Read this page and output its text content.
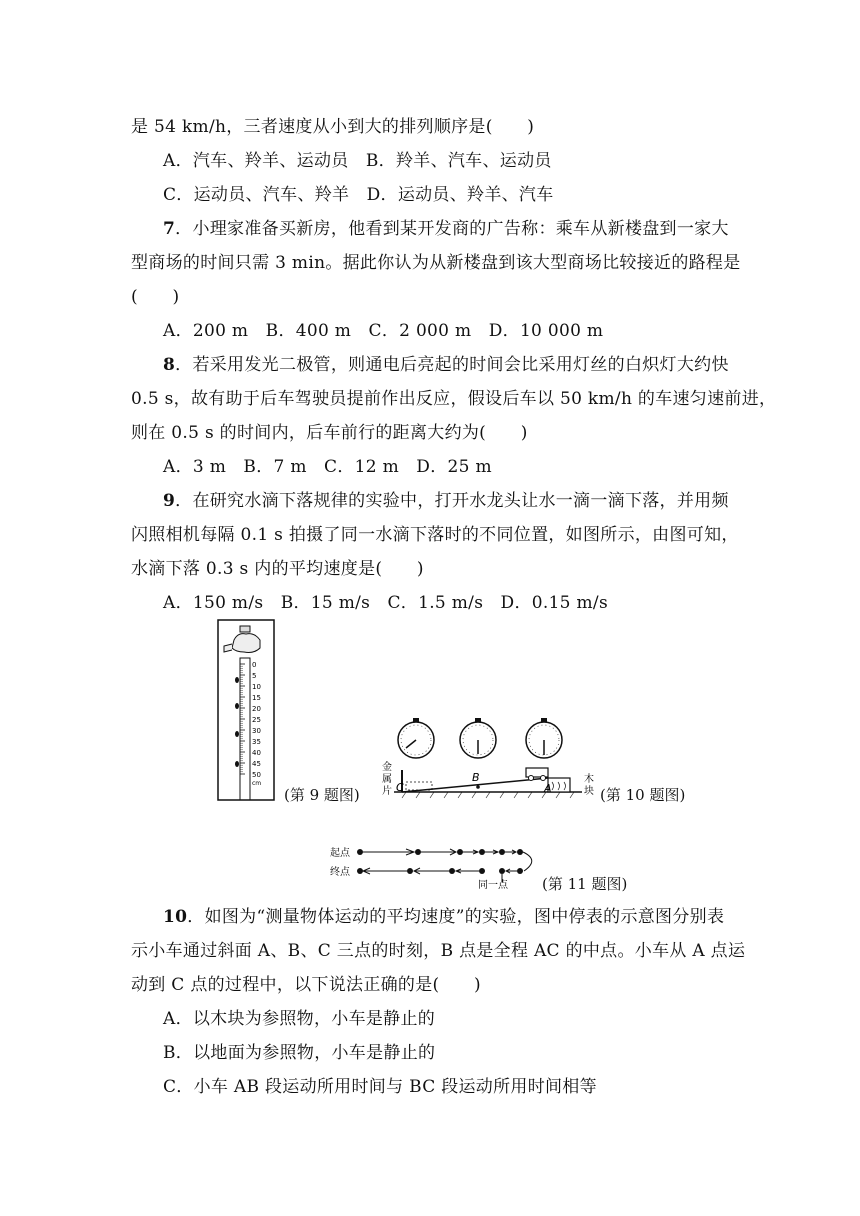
是 54 km/h，三者速度从小到大的排列顺序是(　　)
A．汽车、羚羊、运动员　B．羚羊、汽车、运动员
C．运动员、汽车、羚羊　D．运动员、羚羊、汽车
7．小理家准备买新房，他看到某开发商的广告称：乘车从新楼盘到一家大
型商场的时间只需 3 min。据此你认为从新楼盘到该大型商场比较接近的路程是
(　　)
A．200 m　B．400 m　C．2 000 m　D．10 000 m
8．若采用发光二极管，则通电后亮起的时间会比采用灯丝的白炽灯大约快
0.5 s，故有助于后车驾驶员提前作出反应，假设后车以 50 km/h 的车速匀速前进，
则在 0.5 s 的时间内，后车前行的距离大约为(　　)
A．3 m　B．7 m　C．12 m　D．25 m
9．在研究水滴下落规律的实验中，打开水龙头让水一滴一滴下落，并用频
闪照相机每隔 0.1 s 拍摄了同一水滴下落时的不同位置，如图所示，由图可知，
水滴下落 0.3 s 内的平均速度是(　　)
A．150 m/s　B．15 m/s　C．1.5 m/s　D．0.15 m/s
0
5
10
15
20
25
30
35
40
45
50
cm
(第 9 题图)
B
A
C
金
属
片
木
块 (第 10 题图)
起点
终点
同一点 (第 11 题图)
10．如图为“测量物体运动的平均速度”的实验，图中停表的示意图分别表
示小车通过斜面 A、B、C 三点的时刻，B 点是全程 AC 的中点。小车从 A 点运
动到 C 点的过程中，以下说法正确的是(　　)
A．以木块为参照物，小车是静止的
B．以地面为参照物，小车是静止的
C．小车 AB 段运动所用时间与 BC 段运动所用时间相等
